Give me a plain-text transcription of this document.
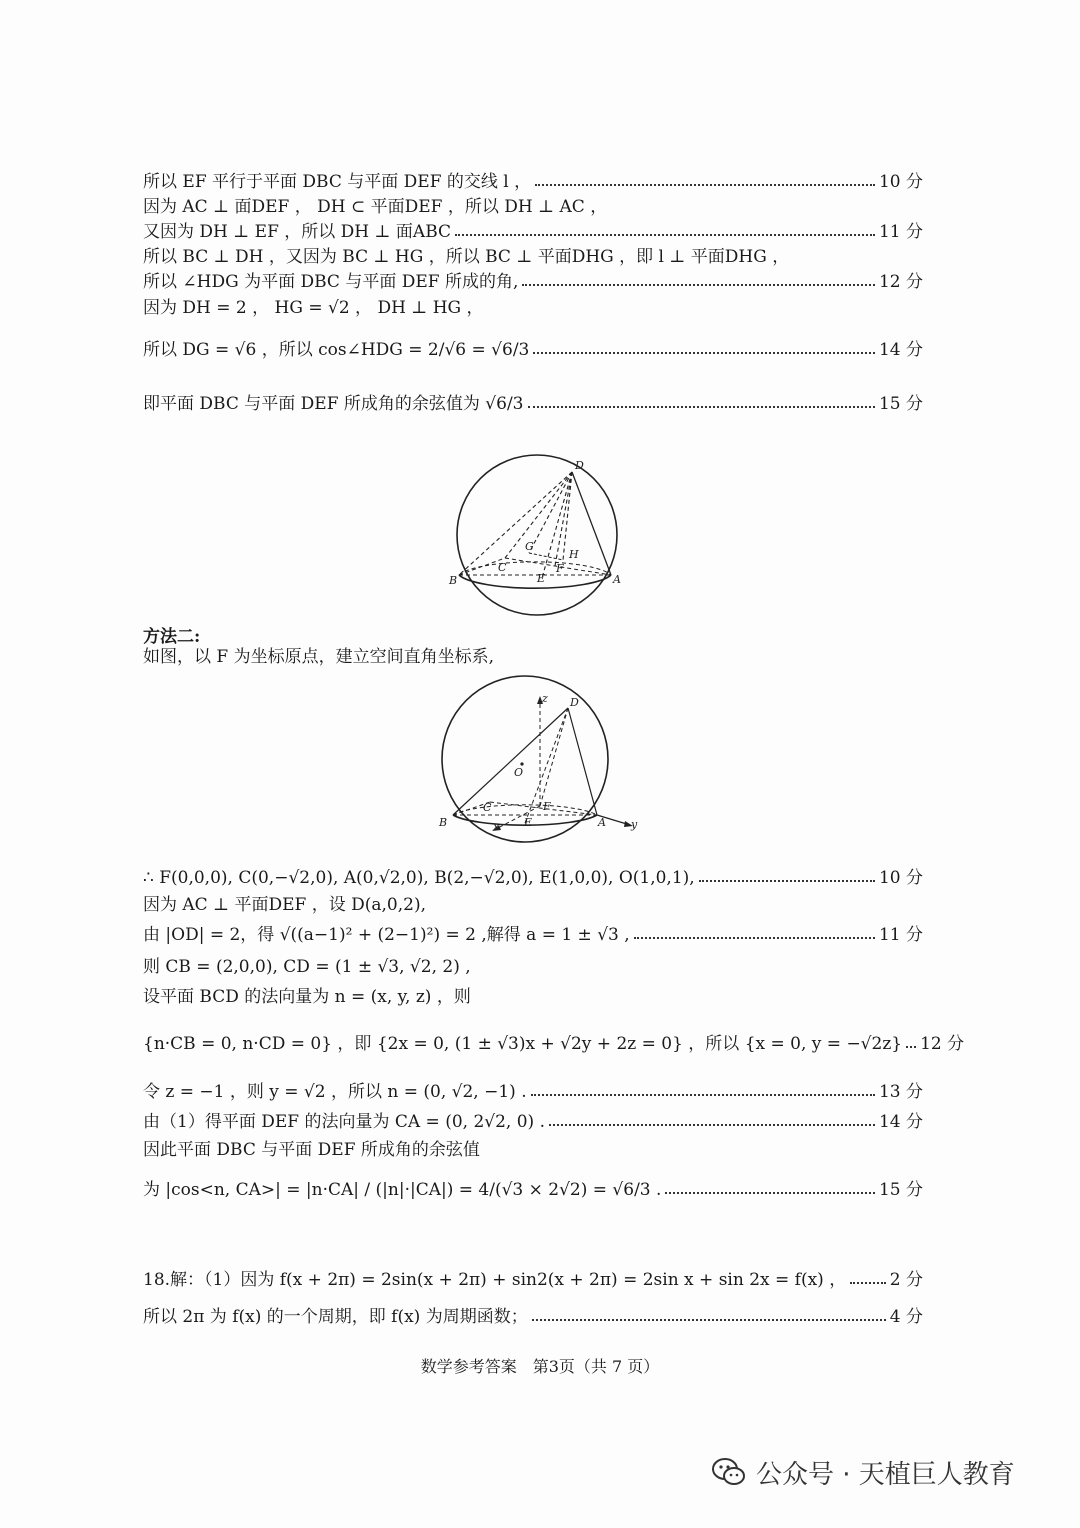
所以 EF 平行于平面 DBC 与平面 DEF 的交线 l ，	10 分
因为 AC ⊥ 面DEF ， DH ⊂ 平面DEF ，所以 DH ⊥ AC ，
又因为 DH ⊥ EF ，所以 DH ⊥ 面ABC	11 分
所以 BC ⊥ DH ，又因为 BC ⊥ HG ，所以 BC ⊥ 平面DHG ，即 l ⊥ 平面DHG ，
所以 ∠HDG 为平面 DBC 与平面 DEF 所成的角,	12 分
因为 DH = 2 ， HG = √2 ， DH ⊥ HG ，
所以 DG = √6 ，所以 cos∠HDG = 2/√6 = √6/3	14 分
即平面 DBC 与平面 DEF 所成角的余弦值为 √6/3	15 分
D
B	A
C
G
H
E
F
方法二:
如图，以 F 为坐标原点，建立空间直角坐标系,
D
z
O
B	A y
C
E
F
x
∴ F(0,0,0), C(0,−√2,0), A(0,√2,0), B(2,−√2,0), E(1,0,0), O(1,0,1),	10 分
因为 AC ⊥ 平面DEF ，设 D(a,0,2),
由 |OD| = 2，得 √((a−1)² + (2−1)²) = 2 ,解得 a = 1 ± √3 ,	11 分
则 CB = (2,0,0), CD = (1 ± √3, √2, 2) ,
设平面 BCD 的法向量为 n = (x, y, z) ，则
{n·CB = 0, n·CD = 0} ，即 {2x = 0, (1 ± √3)x + √2y + 2z = 0} ，所以 {x = 0, y = −√2z} 12 分
令 z = −1 ，则 y = √2 ，所以 n = (0, √2, −1) .	13 分
由（1）得平面 DEF 的法向量为 CA = (0, 2√2, 0) .	14 分
因此平面 DBC 与平面 DEF 所成角的余弦值
为 |cos<n, CA>| = |n·CA| / (|n|·|CA|) = 4/(√3 × 2√2) = √6/3 .	15 分
18.解：（1）因为 f(x + 2π) = 2sin(x + 2π) + sin2(x + 2π) = 2sin x + sin 2x = f(x) ，	2 分
所以 2π 为 f(x) 的一个周期，即 f(x) 为周期函数；	4 分
数学参考答案　第3页（共 7 页）
公众号 · 天植巨人教育
